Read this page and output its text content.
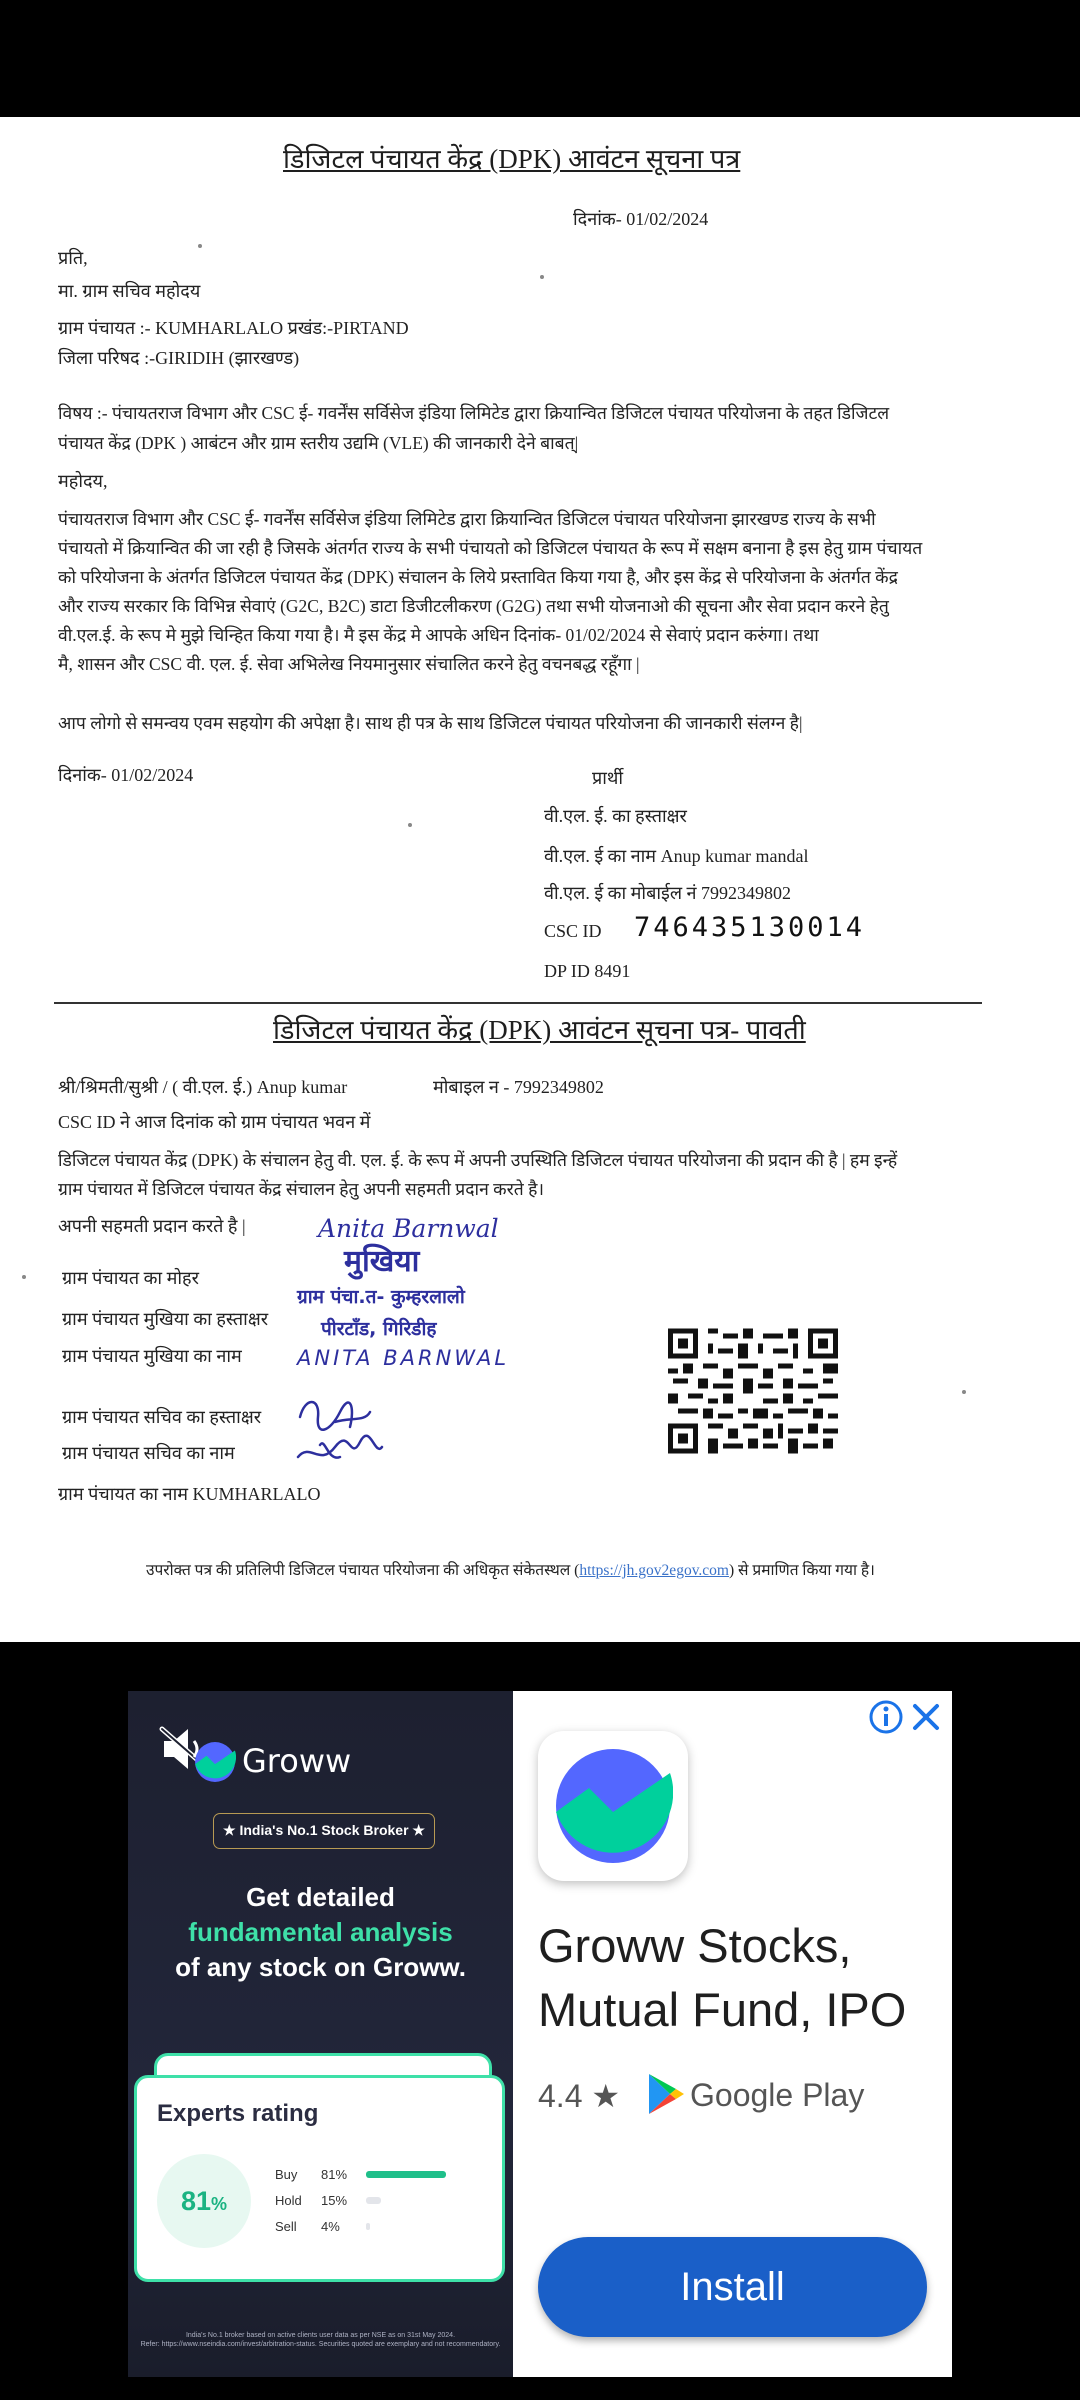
डिजिटल पंचायत केंद्र (DPK) आवंटन सूचना पत्र
दिनांक- 01/02/2024
प्रति,
मा. ग्राम सचिव महोदय
ग्राम पंचायत :- KUMHARLALO प्रखंड:-PIRTAND
जिला परिषद :-GIRIDIH (झारखण्ड)
विषय :- पंचायतराज विभाग और CSC ई- गवर्नेंस सर्विसेज इंडिया लिमिटेड द्वारा क्रियान्वित डिजिटल पंचायत परियोजना के तहत डिजिटल
पंचायत केंद्र (DPK ) आबंटन और ग्राम स्तरीय उद्यमि (VLE) की जानकारी देने बाबत्|
महोदय,
पंचायतराज विभाग और CSC ई- गवर्नेंस सर्विसेज इंडिया लिमिटेड द्वारा क्रियान्वित डिजिटल पंचायत परियोजना झारखण्ड राज्य के सभी
पंचायतो में क्रियान्वित की जा रही है जिसके अंतर्गत राज्य के सभी पंचायतो को डिजिटल पंचायत के रूप में सक्षम बनाना है इस हेतु ग्राम पंचायत
को परियोजना के अंतर्गत डिजिटल पंचायत केंद्र (DPK) संचालन के लिये प्रस्तावित किया गया है, और इस केंद्र से परियोजना के अंतर्गत केंद्र
और राज्य सरकार कि विभिन्न सेवाएं (G2C, B2C) डाटा डिजीटलीकरण (G2G) तथा सभी योजनाओ की सूचना और सेवा प्रदान करने हेतु
वी.एल.ई. के रूप मे मुझे चिन्हित किया गया है। मै इस केंद्र मे आपके अधिन दिनांक- 01/02/2024 से सेवाएं प्रदान करुंगा। तथा
मै, शासन और CSC वी. एल. ई. सेवा अभिलेख नियमानुसार संचालित करने हेतु वचनबद्ध रहूँगा |
आप लोगो से समन्वय एवम सहयोग की अपेक्षा है। साथ ही पत्र के साथ डिजिटल पंचायत परियोजना की जानकारी संलग्न है|
दिनांक- 01/02/2024	प्रार्थी
वी.एल. ई. का हस्ताक्षर
वी.एल. ई का नाम Anup kumar mandal
वी.एल. ई का मोबाईल नं 7992349802
CSC ID 746435130014
DP ID 8491
डिजिटल पंचायत केंद्र (DPK) आवंटन सूचना पत्र- पावती
श्री/श्रिमती/सुश्री / ( वी.एल. ई.) Anup kumar	मोबाइल न - 7992349802
CSC ID ने आज दिनांक को ग्राम पंचायत भवन में
डिजिटल पंचायत केंद्र (DPK) के संचालन हेतु वी. एल. ई. के रूप में अपनी उपस्थिति डिजिटल पंचायत परियोजना की प्रदान की है | हम इन्हें
ग्राम पंचायत में डिजिटल पंचायत केंद्र संचालन हेतु अपनी सहमती प्रदान करते है।
अपनी सहमती प्रदान करते है |
ग्राम पंचायत का मोहर
ग्राम पंचायत मुखिया का हस्ताक्षर
ग्राम पंचायत मुखिया का नाम	ANITA BARNWAL
ग्राम पंचायत सचिव का हस्ताक्षर
ग्राम पंचायत सचिव का नाम
ग्राम पंचायत का नाम KUMHARLALO
Anita Barnwal
मुखिया
ग्राम पंचा.त- कुम्हरलालो
पीरटाँड, गिरिडीह
उपरोक्त पत्र की प्रतिलिपी डिजिटल पंचायत परियोजना की अधिकृत संकेतस्थल (https://jh.gov2egov.com) से प्रमाणित किया गया है।
Groww
★ India's No.1 Stock Broker ★
Get detailed
fundamental analysis
of any stock on Groww.
Experts rating
81%
Buy 81%
Hold 15%
Sell 4%
India's No.1 broker based on active clients user data as per NSE as on 31st May 2024.
Refer: https://www.nseindia.com/invest/arbitration-status. Securities quoted are exemplary and not recommendatory.
Groww Stocks, Mutual Fund, IPO
4.4 ★ Google Play
Install
